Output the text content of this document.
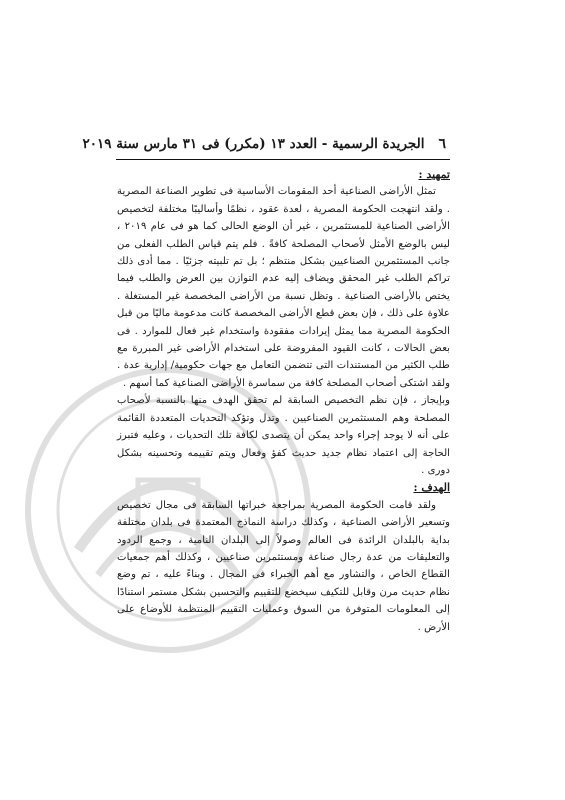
٦
الجريدة الرسمية - العدد ١٣ (مكرر) فى ٣١ مارس سنة ٢٠١٩

تمهيد :

تمثل الأراضى الصناعية أحد المقومات الأساسية فى تطوير الصناعة المصرية . ولقد انتهجت الحكومة المصرية ، لعدة عقود ، نظمًا وأساليبًا مختلفة لتخصيص الأراضى الصناعية للمستثمرين ، غير أن الوضع الحالى كما هو فى عام ٢٠١٩ ، ليس بالوضع الأمثل لأصحاب المصلحة كافةً . فلم يتم قياس الطلب الفعلى من جانب المستثمرين الصناعيين بشكل منتظم ؛ بل تم تلبيته جزئيًا . مما أدى ذلك تراكم الطلب غير المحقق ويضاف إليه عدم التوازن بين العرض والطلب فيما يختص بالأراضى الصناعية . وتظل نسبة من الأراضى المخصصة غير المستغلة . علاوة على ذلك ، فإن بعض قطع الأراضى المخصصة كانت مدعومة ماليًا من قبل الحكومة المصرية مما يمثل إيرادات مفقودة واستخدام غير فعال للموارد . فى بعض الحالات ، كانت القيود المفروضة على استخدام الأراضى غير المبررة مع طلب الكثير من المستندات التى تتضمن التعامل مع جهات حكومية/ إدارية عدة . ولقد اشتكى أصحاب المصلحة كافة من سماسرة الأراضى الصناعية كما أسهم .

وبإيجاز ، فإن نظم التخصيص السابقة لم تحقق الهدف منها بالنسبة لأصحاب المصلحة وهم المستثمرين الصناعيين . وتدل وتؤكد التحديات المتعددة القائمة على أنه لا يوجد إجراء واحد يمكن أن يتصدى لكافة تلك التحديات ، وعليه فتبرز الحاجة إلى اعتماد نظام جديد حديث كفؤ وفعال ويتم تقييمه وتحسينه بشكل دورى .

الهدف :

ولقد قامت الحكومة المصرية بمراجعة خبراتها السابقة فى مجال تخصيص وتسعير الأراضى الصناعية ، وكذلك دراسة النماذج المعتمدة فى بلدان مختلفة بداية بالبلدان الرائدة فى العالم وصولاً إلى البلدان النامية ، وجمع الردود والتعليقات من عدة رجال صناعة ومستثمرين صناعيين ، وكذلك أهم جمعيات القطاع الخاص ، والتشاور مع أهم الخبراء فى المجال . وبناءً عليه ، تم وضع نظام حديث مرن وقابل للتكيف سيخضع للتقييم والتحسين بشكل مستمر استنادًا إلى المعلومات المتوفرة من السوق وعمليات التقييم المنتظمة للأوضاع على الأرض .
